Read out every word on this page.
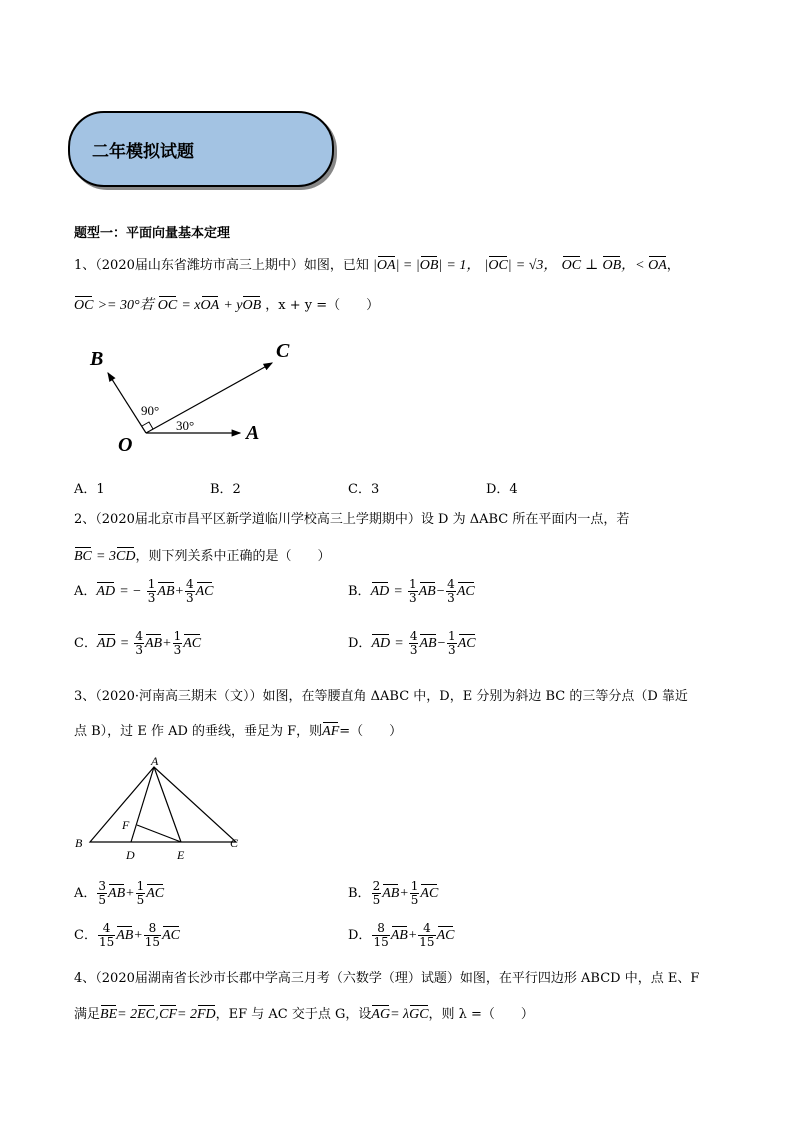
二年模拟试题
题型一：平面向量基本定理
1、（2020届山东省潍坊市高三上期中）如图，已知 |OA| = |OB| = 1， |OC| = √3， OC ⊥ OB，< OA，
OC >= 30°若 OC = xOA + yOB ，x + y =（　　）
B	C
O
A
90°
30°
A．1	B．2	C．3	D．4
2、（2020届北京市昌平区新学道临川学校高三上学期期中）设 D 为 ΔABC 所在平面内一点，若
BC = 3CD，则下列关系中正确的是（　　）
A．AD = − $\frac{1}{3} AB+ \frac{4}{3}$ AC	B．AD = $\frac{1}{3} AB- \frac{4}{3}$ AC
C．AD = $\frac{4}{3} AB+ \frac{1}{3}$ AC	D．AD = $\frac{4}{3} AB- \frac{1}{3}$ AC
3、（2020·河南高三期末（文））如图，在等腰直角 ΔABC 中，D，E 分别为斜边 BC 的三等分点（D 靠近
点 B），过 E 作 AD 的垂线，垂足为 F，则AF=（　　）
A
B	C
D	E
F
A． $\frac{3}{5} AB+ \frac{1}{5}$ AC	B． $\frac{2}{5} AB+ \frac{1}{5}$ AC
C． $\frac{4}{15} AB+ \frac{8}{15}$ AC	D． $\frac{8}{15} AB+ \frac{4}{15}$ AC
4、（2020届湖南省长沙市长郡中学高三月考（六数学（理）试题）如图，在平行四边形 ABCD 中，点 E、F
满足BE= 2EC,CF= 2FD，EF 与 AC 交于点 G，设AG= λGC，则 λ =（　　）
